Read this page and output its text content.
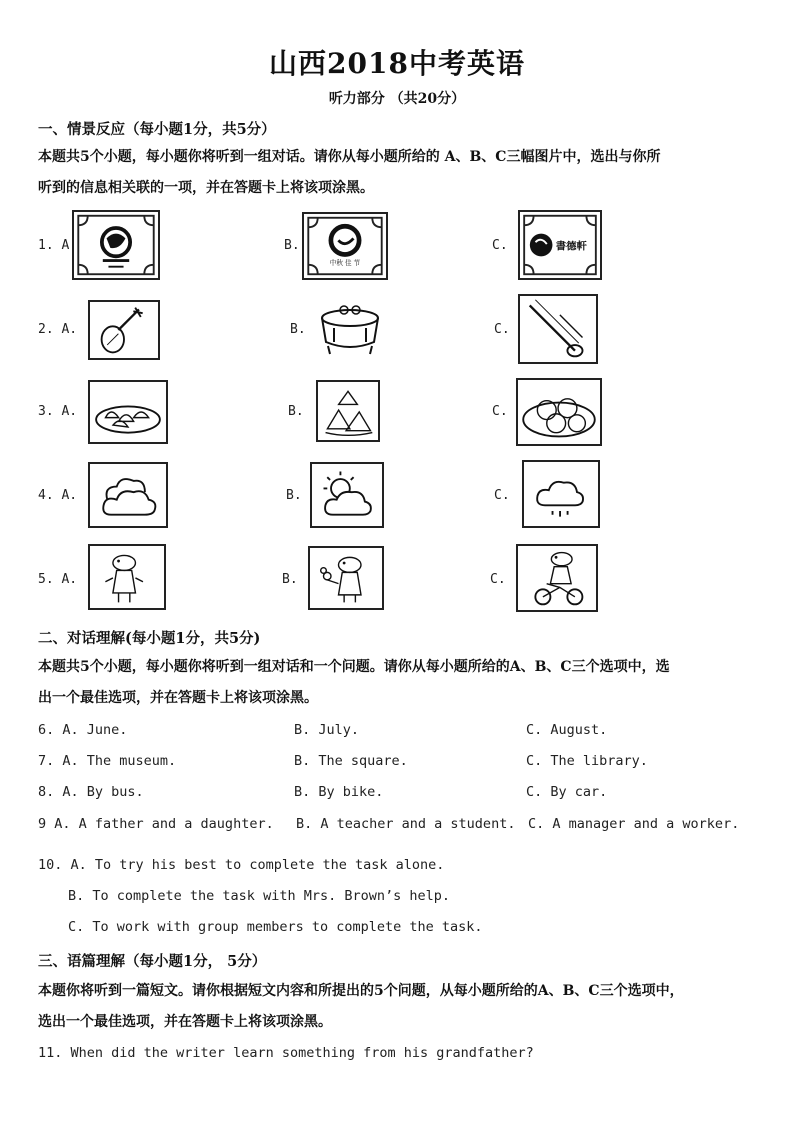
山西2018中考英语
听力部分 （共20分）
一、情景反应（每小题1分，共5分）
本题共5个小题，每小题你将听到一组对话。请你从每小题所给的 A、B、C三幅图片中，选出与你所
听到的信息相关联的一项，并在答题卡上将该项涂黑。
1. A	B.	C.
中秋 佳 节
書德軒
2. A.	B.	C.
3. A.	B.	C.
4. A.	B.	C.
5. A.	B.	C.
二、对话理解(每小题1分，共5分)
本题共5个小题，每小题你将听到一组对话和一个问题。请你从每小题所给的A、B、C三个选项中，选
出一个最佳选项，并在答题卡上将该项涂黑。
6. A. June.	B. July.	C. August.
7. A. The museum.	B. The square.	C. The library.
8. A. By bus.	B. By bike.	C. By car.
9 A. A father and a daughter. B. A teacher and a student. C. A manager and a worker.
10. A. To try his best to complete the task alone.
B. To complete the task with Mrs. Brown’s help.
C. To work with group members to complete the task.
三、语篇理解（每小题1分， 5分）
本题你将听到一篇短文。请你根据短文内容和所提出的5个问题，从每小题所给的A、B、C三个选项中，
选出一个最佳选项，并在答题卡上将该项涂黑。
11. When did the writer learn something from his grandfather?
